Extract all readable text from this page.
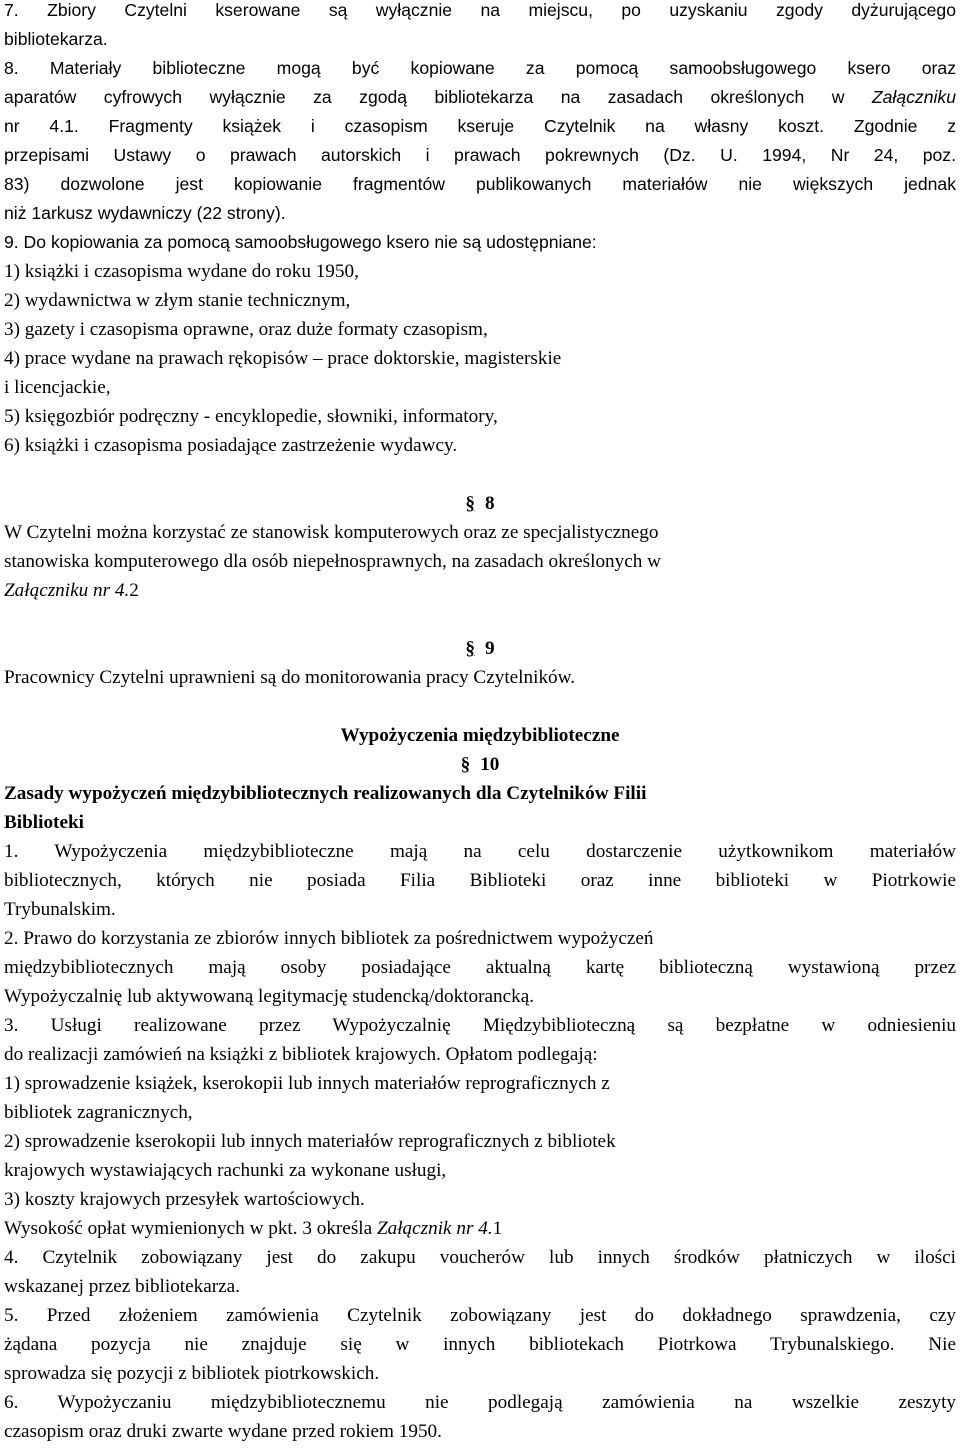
7. Zbiory Czytelni kserowane są wyłącznie na miejscu, po uzyskaniu zgody dyżurującego
bibliotekarza.
8. Materiały biblioteczne mogą być kopiowane za pomocą samoobsługowego ksero oraz
aparatów cyfrowych wyłącznie za zgodą bibliotekarza na zasadach określonych w Załączniku
nr 4.1. Fragmenty książek i czasopism kseruje Czytelnik na własny koszt. Zgodnie z
przepisami Ustawy o prawach autorskich i prawach pokrewnych (Dz. U. 1994, Nr 24, poz.
83) dozwolone jest kopiowanie fragmentów publikowanych materiałów nie większych jednak
niż 1arkusz wydawniczy (22 strony).
9. Do kopiowania za pomocą samoobsługowego ksero nie są udostępniane:
1) książki i czasopisma wydane do roku 1950,
2) wydawnictwa w złym stanie technicznym,
3) gazety i czasopisma oprawne, oraz duże formaty czasopism,
4) prace wydane na prawach rękopisów – prace doktorskie, magisterskie
i licencjackie,
5) księgozbiór podręczny - encyklopedie, słowniki, informatory,
6) książki i czasopisma posiadające zastrzeżenie wydawcy.
§ 8
W Czytelni można korzystać ze stanowisk komputerowych oraz ze specjalistycznego
stanowiska komputerowego dla osób niepełnosprawnych, na zasadach określonych w
Załączniku nr 4.2
§ 9
Pracownicy Czytelni uprawnieni są do monitorowania pracy Czytelników.
Wypożyczenia międzybiblioteczne
§ 10
Zasady wypożyczeń międzybibliotecznych realizowanych dla Czytelników Filii
Biblioteki
1. Wypożyczenia międzybiblioteczne mają na celu dostarczenie użytkownikom materiałów
bibliotecznych, których nie posiada Filia Biblioteki oraz inne biblioteki w Piotrkowie
Trybunalskim.
2. Prawo do korzystania ze zbiorów innych bibliotek za pośrednictwem wypożyczeń
międzybibliotecznych mają osoby posiadające aktualną kartę biblioteczną wystawioną przez
Wypożyczalnię lub aktywowaną legitymację studencką/doktorancką.
3. Usługi realizowane przez Wypożyczalnię Międzybiblioteczną są bezpłatne w odniesieniu
do realizacji zamówień na książki z bibliotek krajowych. Opłatom podlegają:
1) sprowadzenie książek, kserokopii lub innych materiałów reprograficznych z
bibliotek zagranicznych,
2) sprowadzenie kserokopii lub innych materiałów reprograficznych z bibliotek
krajowych wystawiających rachunki za wykonane usługi,
3) koszty krajowych przesyłek wartościowych.
Wysokość opłat wymienionych w pkt. 3 określa Załącznik nr 4.1
4. Czytelnik zobowiązany jest do zakupu voucherów lub innych środków płatniczych w ilości
wskazanej przez bibliotekarza.
5. Przed złożeniem zamówienia Czytelnik zobowiązany jest do dokładnego sprawdzenia, czy
żądana pozycja nie znajduje się w innych bibliotekach Piotrkowa Trybunalskiego. Nie
sprowadza się pozycji z bibliotek piotrkowskich.
6. Wypożyczaniu międzybibliotecznemu nie podlegają zamówienia na wszelkie zeszyty
czasopism oraz druki zwarte wydane przed rokiem 1950.
